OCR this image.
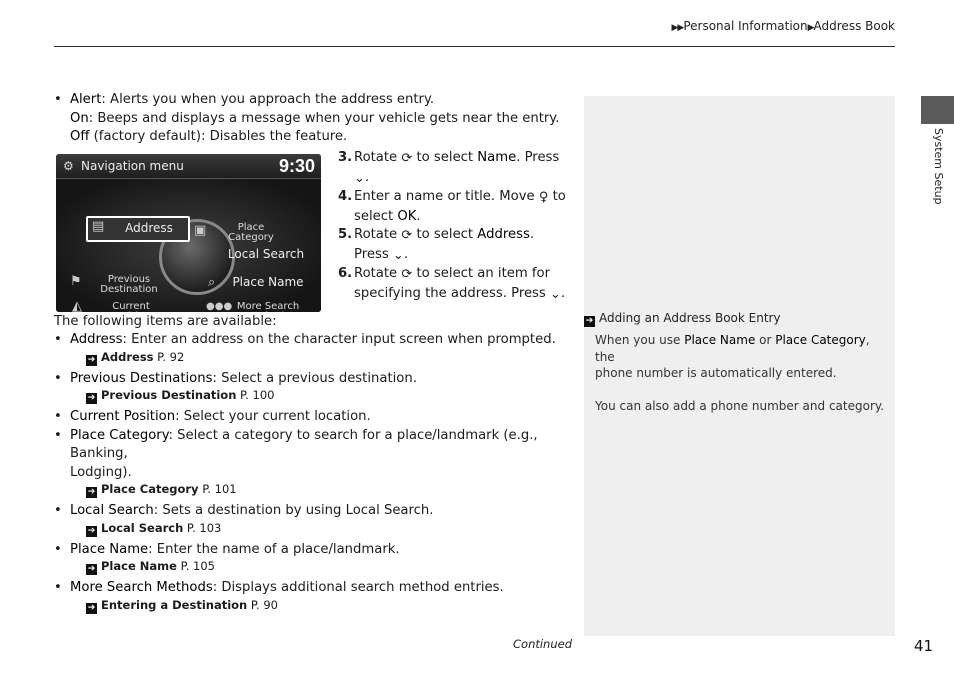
▶▶Personal Information▶Address Book
System Setup
• Alert: Alerts you when you approach the address entry.
On: Beeps and displays a message when your vehicle gets near the entry.
Off (factory default): Disables the feature.
⚙ Navigation menu	9:30
▤ Address ▣	Place
Category
Local Search
⚑	Previous
Destination	⌕	Place Name
◭	Current	●●● More Search

3. Rotate ⟳ to select Name. Press ⌄.
4. Enter a name or title. Move ♀ to select OK.
5. Rotate ⟳ to select Address. Press ⌄.
6. Rotate ⟳ to select an item for specifying the address. Press ⌄.
The following items are available:
• Address: Enter an address on the character input screen when prompted.
➔ Address P. 92
• Previous Destinations: Select a previous destination.
➔ Previous Destination P. 100
• Current Position: Select your current location.
• Place Category: Select a category to search for a place/landmark (e.g., Banking,
Lodging).
➔ Place Category P. 101
• Local Search: Sets a destination by using Local Search.
➔ Local Search P. 103
• Place Name: Enter the name of a place/landmark.
➔ Place Name P. 105
• More Search Methods: Displays additional search method entries.
➔ Entering a Destination P. 90
➔ Adding an Address Book Entry
When you use Place Name or Place Category, the
phone number is automatically entered.
You can also add a phone number and category.
Continued	41
